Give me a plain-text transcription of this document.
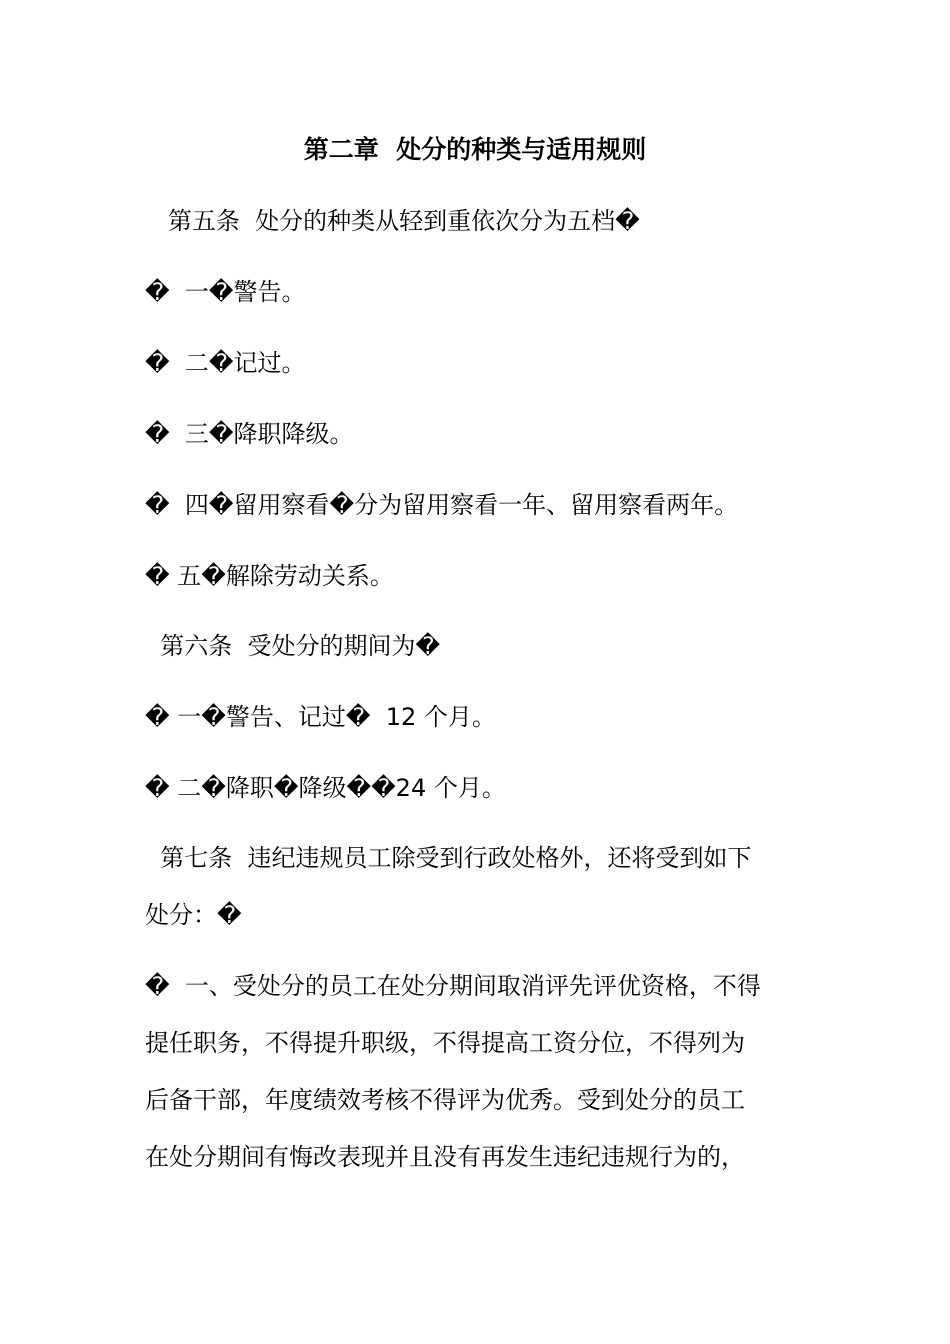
第二章  处分的种类与适用规则
第五条  处分的种类从轻到重依次分为五档�
�  一�警告。
�  二�记过。
�  三�降职降级。
�  四�留用察看�分为留用察看一年、留用察看两年。
� 五�解除劳动关系。
第六条  受处分的期间为�
� 一�警告、记过�  12 个月。
� 二�降职�降级��24 个月。
第七条  违纪违规员工除受到行政处格外，还将受到如下
处分：�
�  一、受处分的员工在处分期间取消评先评优资格，不得
提任职务，不得提升职级，不得提高工资分位，不得列为
后备干部，年度绩效考核不得评为优秀。受到处分的员工
在处分期间有悔改表现并且没有再发生违纪违规行为的，
